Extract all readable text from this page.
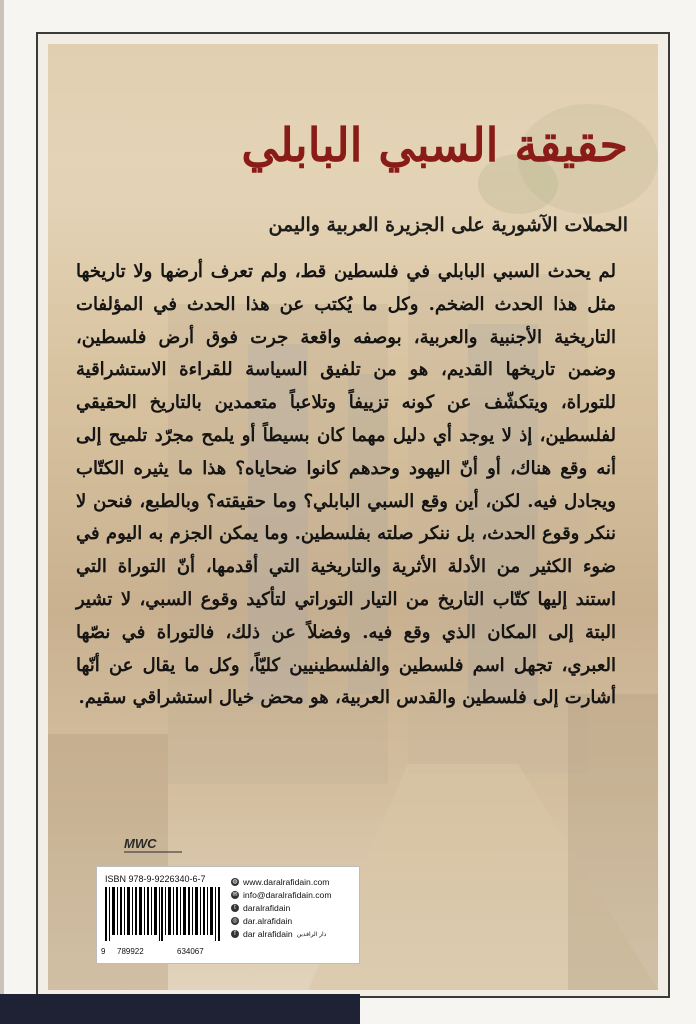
حقيقة السبي البابلي
الحملات الآشورية على الجزيرة العربية واليمن
لم يحدث السبي البابلي في فلسطين قط، ولم تعرف أرضها ولا تاريخها مثل هذا الحدث الضخم. وكل ما يُكتب عن هذا الحدث في المؤلفات التاريخية الأجنبية والعربية، بوصفه واقعة جرت فوق أرض فلسطين، وضمن تاريخها القديم، هو من تلفيق السياسة للقراءة الاستشراقية للتوراة، ويتكشّف عن كونه تزييفاً وتلاعباً متعمدين بالتاريخ الحقيقي لفلسطين، إذ لا يوجد أي دليل مهما كان بسيطاً أو يلمح مجرّد تلميح إلى أنه وقع هناك، أو أنّ اليهود وحدهم كانوا ضحاياه؟ هذا ما يثيره الكتّاب ويجادل فيه. لكن، أين وقع السبي البابلي؟ وما حقيقته؟ وبالطبع، فنحن لا ننكر وقوع الحدث، بل ننكر صلته بفلسطين. وما يمكن الجزم به اليوم في ضوء الكثير من الأدلة الأثرية والتاريخية التي أقدمها، أنّ التوراة التي استند إليها كتّاب التاريخ من التيار التوراتي لتأكيد وقوع السبي، لا تشير البتة إلى المكان الذي وقع فيه. وفضلاً عن ذلك، فالتوراة في نصّها العبري، تجهل اسم فلسطين والفلسطينيين كليّاً، وكل ما يقال عن أنّها أشارت إلى فلسطين والقدس العربية، هو محض خيال استشراقي سقيم.
MWC
ISBN 978-9-9226340-6-7
9 789922	634067
◍ www.daralrafidain.com
✉ info@daralrafidain.com
t daralrafidain
◎ dar.alrafidain
f dar alrafidain دار الرافدين
